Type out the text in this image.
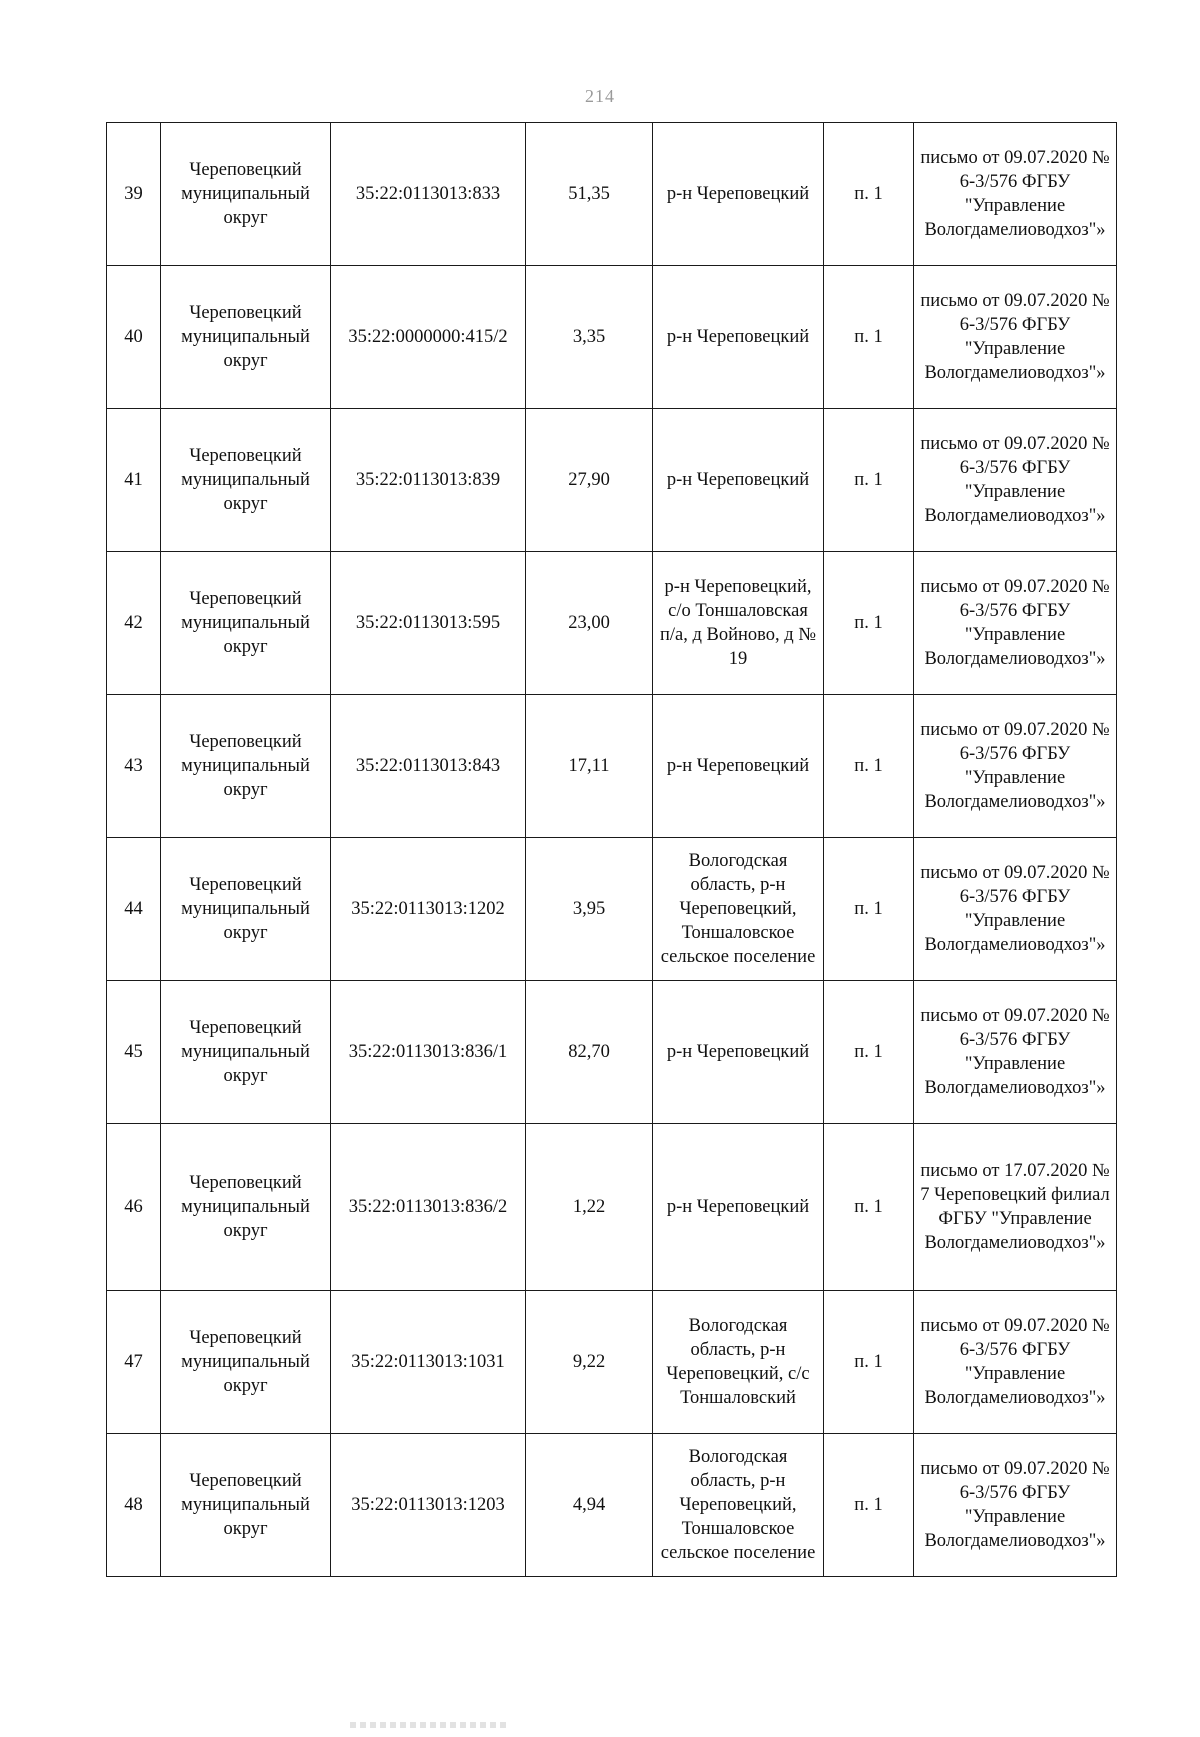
214
39	Череповецкий муниципальный округ	35:22:0113013:833	51,35	р-н Череповецкий	п. 1	письмо от 09.07.2020 № 6-3/576 ФГБУ "Управление Вологдамелиоводхоз"»
40	Череповецкий муниципальный округ	35:22:0000000:415/2	3,35	р-н Череповецкий	п. 1	письмо от 09.07.2020 № 6-3/576 ФГБУ "Управление Вологдамелиоводхоз"»
41	Череповецкий муниципальный округ	35:22:0113013:839	27,90	р-н Череповецкий	п. 1	письмо от 09.07.2020 № 6-3/576 ФГБУ "Управление Вологдамелиоводхоз"»
42	Череповецкий муниципальный округ	35:22:0113013:595	23,00	р-н Череповецкий, с/о Тоншаловская п/а, д Войново, д № 19	п. 1	письмо от 09.07.2020 № 6-3/576 ФГБУ "Управление Вологдамелиоводхоз"»
43	Череповецкий муниципальный округ	35:22:0113013:843	17,11	р-н Череповецкий	п. 1	письмо от 09.07.2020 № 6-3/576 ФГБУ "Управление Вологдамелиоводхоз"»
44	Череповецкий муниципальный округ	35:22:0113013:1202	3,95	Вологодская область, р-н Череповецкий, Тоншаловское сельское поселение	п. 1	письмо от 09.07.2020 № 6-3/576 ФГБУ "Управление Вологдамелиоводхоз"»
45	Череповецкий муниципальный округ	35:22:0113013:836/1	82,70	р-н Череповецкий	п. 1	письмо от 09.07.2020 № 6-3/576 ФГБУ "Управление Вологдамелиоводхоз"»
46	Череповецкий муниципальный округ	35:22:0113013:836/2	1,22	р-н Череповецкий	п. 1	письмо от 17.07.2020 № 7 Череповецкий филиал ФГБУ "Управление Вологдамелиоводхоз"»
47	Череповецкий муниципальный округ	35:22:0113013:1031	9,22	Вологодская область, р-н Череповецкий, с/с Тоншаловский	п. 1	письмо от 09.07.2020 № 6-3/576 ФГБУ "Управление Вологдамелиоводхоз"»
48	Череповецкий муниципальный округ	35:22:0113013:1203	4,94	Вологодская область, р-н Череповецкий, Тоншаловское сельское поселение	п. 1	письмо от 09.07.2020 № 6-3/576 ФГБУ "Управление Вологдамелиоводхоз"»
